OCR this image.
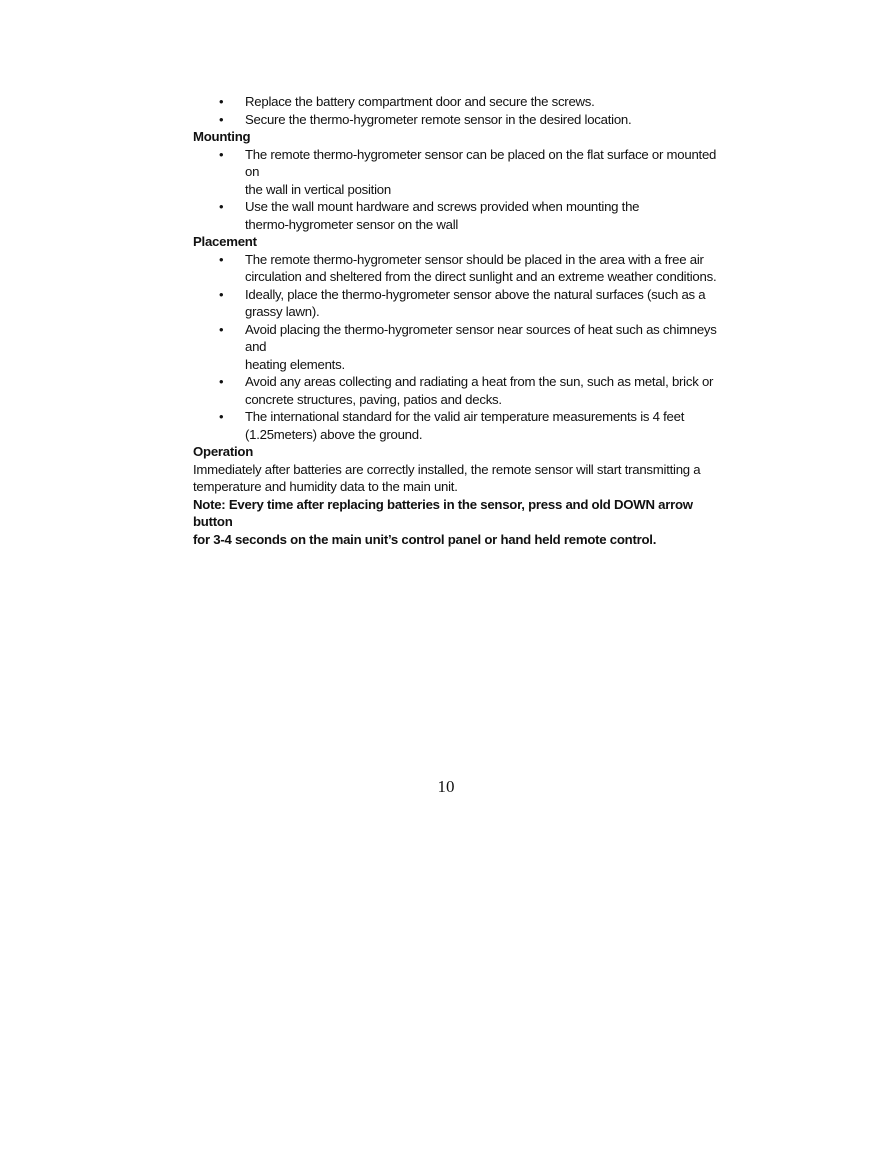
• Replace the battery compartment door and secure the screws.
• Secure the thermo-hygrometer remote sensor in the desired location.
Mounting
• The remote thermo-hygrometer sensor can be placed on the flat surface or mounted on
the wall in vertical position
• Use the wall mount hardware and screws provided when mounting the
thermo-hygrometer sensor on the wall
Placement
• The remote thermo-hygrometer sensor should be placed in the area with a free air
circulation and sheltered from the direct sunlight and an extreme weather conditions.
• Ideally, place the thermo-hygrometer sensor above the natural surfaces (such as a
grassy lawn).
• Avoid placing the thermo-hygrometer sensor near sources of heat such as chimneys and
heating elements.
• Avoid any areas collecting and radiating a heat from the sun, such as metal, brick or
concrete structures, paving, patios and decks.
• The international standard for the valid air temperature measurements is 4 feet
(1.25meters) above the ground.
Operation
Immediately after batteries are correctly installed, the remote sensor will start transmitting a
temperature and humidity data to the main unit.
Note: Every time after replacing batteries in the sensor, press and old DOWN arrow button
for 3-4 seconds on the main unit’s control panel or hand held remote control.
10
